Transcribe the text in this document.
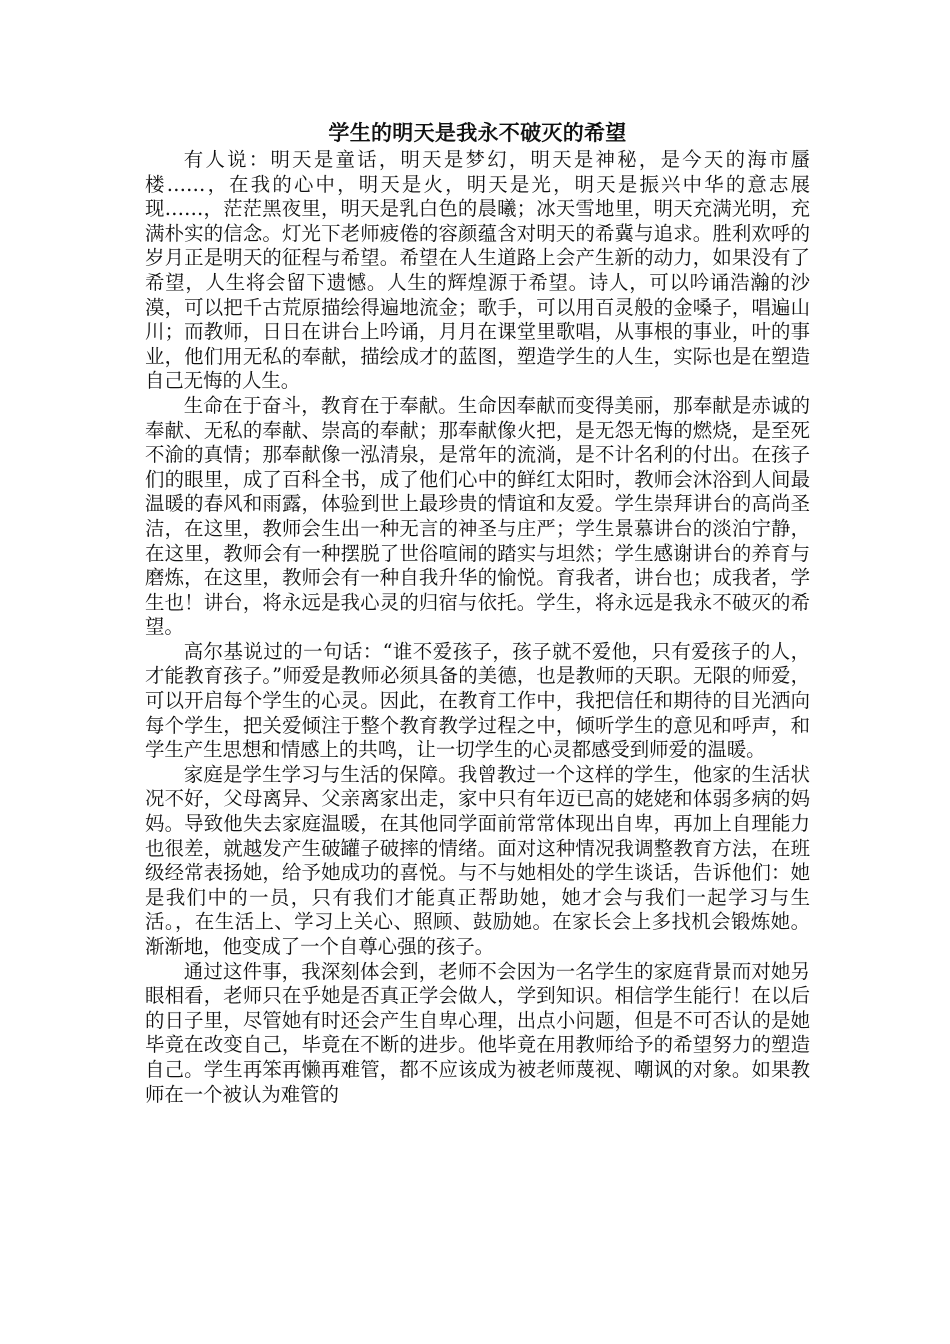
学生的明天是我永不破灭的希望

有人说：明天是童话，明天是梦幻，明天是神秘，是今天的海市蜃楼……，在我的心中，明天是火，明天是光，明天是振兴中华的意志展现……，茫茫黑夜里，明天是乳白色的晨曦；冰天雪地里，明天充满光明，充满朴实的信念。灯光下老师疲倦的容颜蕴含对明天的希冀与追求。胜利欢呼的岁月正是明天的征程与希望。希望在人生道路上会产生新的动力，如果没有了希望，人生将会留下遗憾。人生的辉煌源于希望。诗人，可以吟诵浩瀚的沙漠，可以把千古荒原描绘得遍地流金；歌手，可以用百灵般的金嗓子，唱遍山川；而教师，日日在讲台上吟诵，月月在课堂里歌唱，从事根的事业，叶的事业，他们用无私的奉献，描绘成才的蓝图，塑造学生的人生，实际也是在塑造自己无悔的人生。

生命在于奋斗，教育在于奉献。生命因奉献而变得美丽，那奉献是赤诚的奉献、无私的奉献、崇高的奉献；那奉献像火把，是无怨无悔的燃烧，是至死不渝的真情；那奉献像一泓清泉，是常年的流淌，是不计名利的付出。在孩子们的眼里，成了百科全书，成了他们心中的鲜红太阳时，教师会沐浴到人间最温暖的春风和雨露，体验到世上最珍贵的情谊和友爱。学生崇拜讲台的高尚圣洁，在这里，教师会生出一种无言的神圣与庄严；学生景慕讲台的淡泊宁静，在这里，教师会有一种摆脱了世俗喧闹的踏实与坦然；学生感谢讲台的养育与磨炼，在这里，教师会有一种自我升华的愉悦。育我者，讲台也；成我者，学生也！讲台，将永远是我心灵的归宿与依托。学生，将永远是我永不破灭的希望。

高尔基说过的一句话：“谁不爱孩子，孩子就不爱他，只有爱孩子的人，才能教育孩子。”师爱是教师必须具备的美德，也是教师的天职。无限的师爱，可以开启每个学生的心灵。因此，在教育工作中，我把信任和期待的目光洒向每个学生，把关爱倾注于整个教育教学过程之中，倾听学生的意见和呼声，和学生产生思想和情感上的共鸣，让一切学生的心灵都感受到师爱的温暖。

家庭是学生学习与生活的保障。我曾教过一个这样的学生，他家的生活状况不好，父母离异、父亲离家出走，家中只有年迈已高的姥姥和体弱多病的妈妈。导致他失去家庭温暖，在其他同学面前常常体现出自卑，再加上自理能力也很差，就越发产生破罐子破摔的情绪。面对这种情况我调整教育方法，在班级经常表扬她，给予她成功的喜悦。与不与她相处的学生谈话，告诉他们：她是我们中的一员，只有我们才能真正帮助她，她才会与我们一起学习与生活。，在生活上、学习上关心、照顾、鼓励她。在家长会上多找机会锻炼她。渐渐地，他变成了一个自尊心强的孩子。

通过这件事，我深刻体会到，老师不会因为一名学生的家庭背景而对她另眼相看，老师只在乎她是否真正学会做人，学到知识。相信学生能行！在以后的日子里，尽管她有时还会产生自卑心理，出点小问题，但是不可否认的是她毕竟在改变自己，毕竟在不断的进步。他毕竟在用教师给予的希望努力的塑造自己。学生再笨再懒再难管，都不应该成为被老师蔑视、嘲讽的对象。如果教师在一个被认为难管的
